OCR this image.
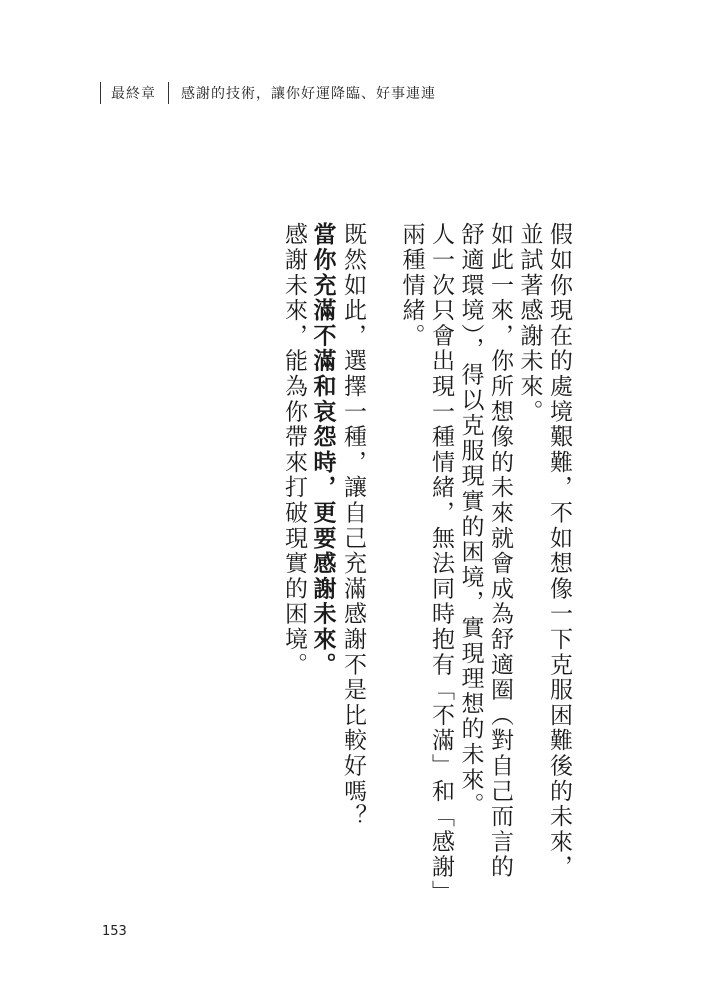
最終章 感謝的技術，讓你好運降臨、好事連連

假如你現在的處境艱難，不如想像一下克服困難後的未來，並試著感謝未來。

如此一來，你所想像的未來就會成為舒適圈（對自己而言的舒適環境），得以克服現實的困境，實現理想的未來。

人一次只會出現一種情緒，無法同時抱有「不滿」和「感謝」兩種情緒。

既然如此，選擇一種，讓自己充滿感謝不是比較好嗎？

當你充滿不滿和哀怨時，更要感謝未來。

感謝未來，能為你帶來打破現實的困境。

153
